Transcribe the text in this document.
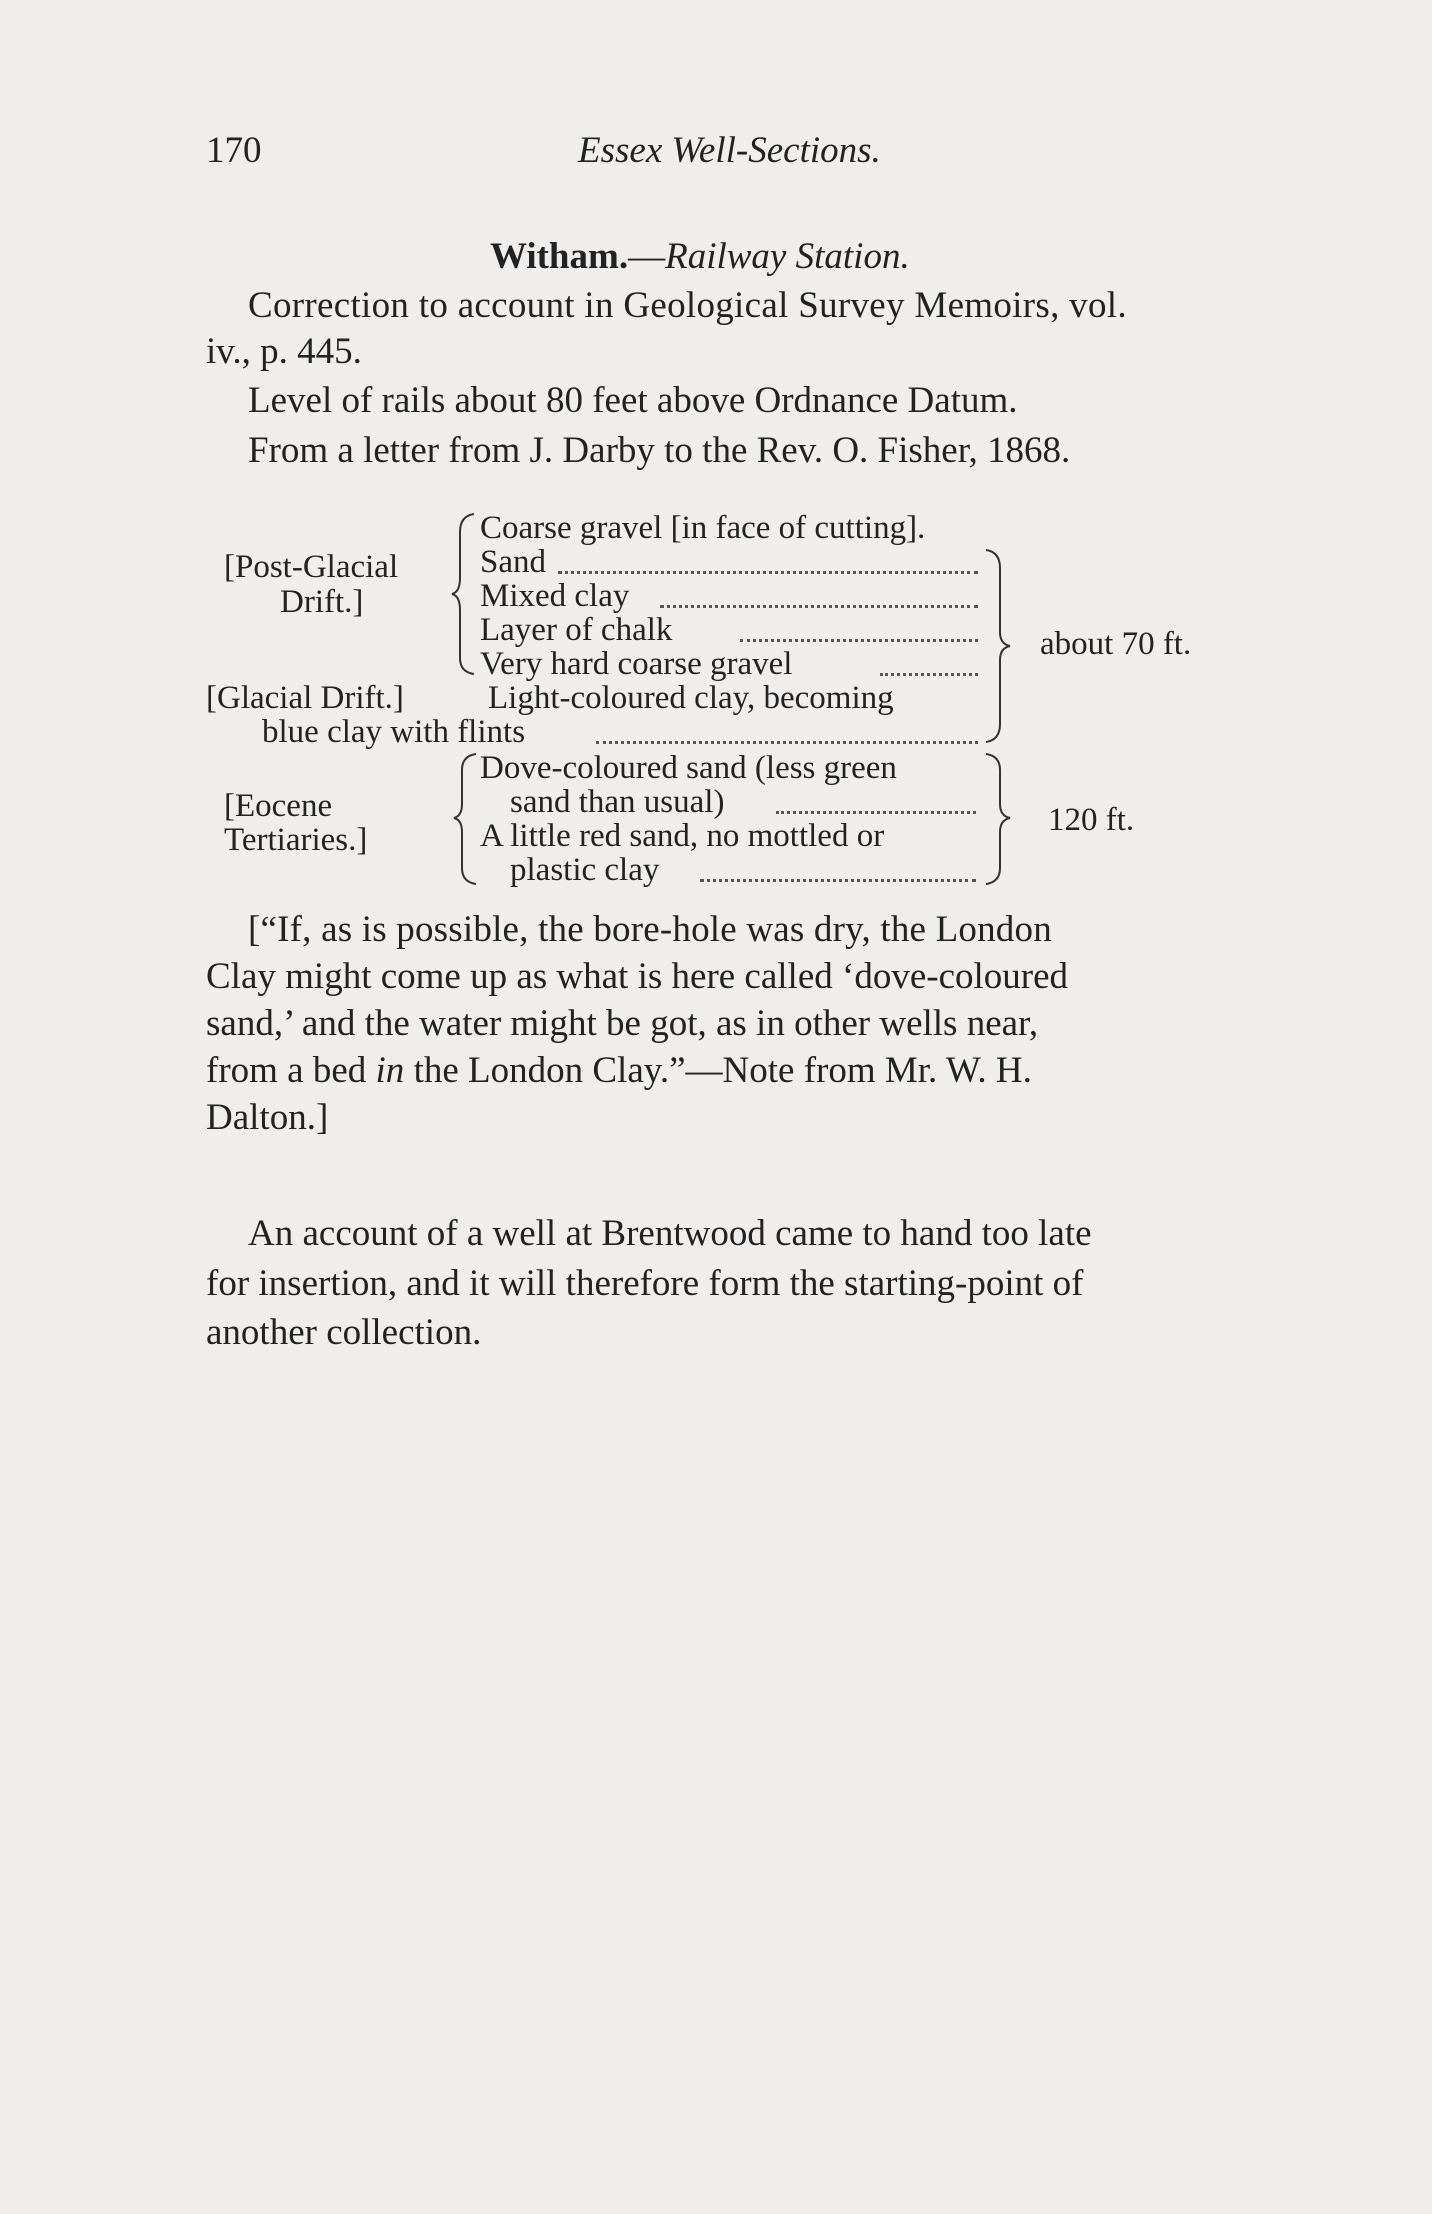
170	Essex Well-Sections.
Witham.—Railway Station.
Correction to account in Geological Survey Memoirs, vol.
iv., p. 445.
Level of rails about 80 feet above Ordnance Datum.
From a letter from J. Darby to the Rev. O. Fisher, 1868.
[Post-Glacial
Drift.]
Coarse gravel [in face of cutting].
Sand
Mixed clay
Layer of chalk
Very hard coarse gravel
[Glacial Drift.]	Light-coloured clay, becoming
blue clay with flints
about 70 ft.
[Eocene
Tertiaries.]
Dove-coloured sand (less green
sand than usual)
A little red sand, no mottled or
plastic clay
120 ft.
[“If, as is possible, the bore-hole was dry, the London
Clay might come up as what is here called ‘dove-coloured
sand,’ and the water might be got, as in other wells near,
from a bed in the London Clay.”—Note from Mr. W. H.
Dalton.]
An account of a well at Brentwood came to hand too late
for insertion, and it will therefore form the starting-point of
another collection.
